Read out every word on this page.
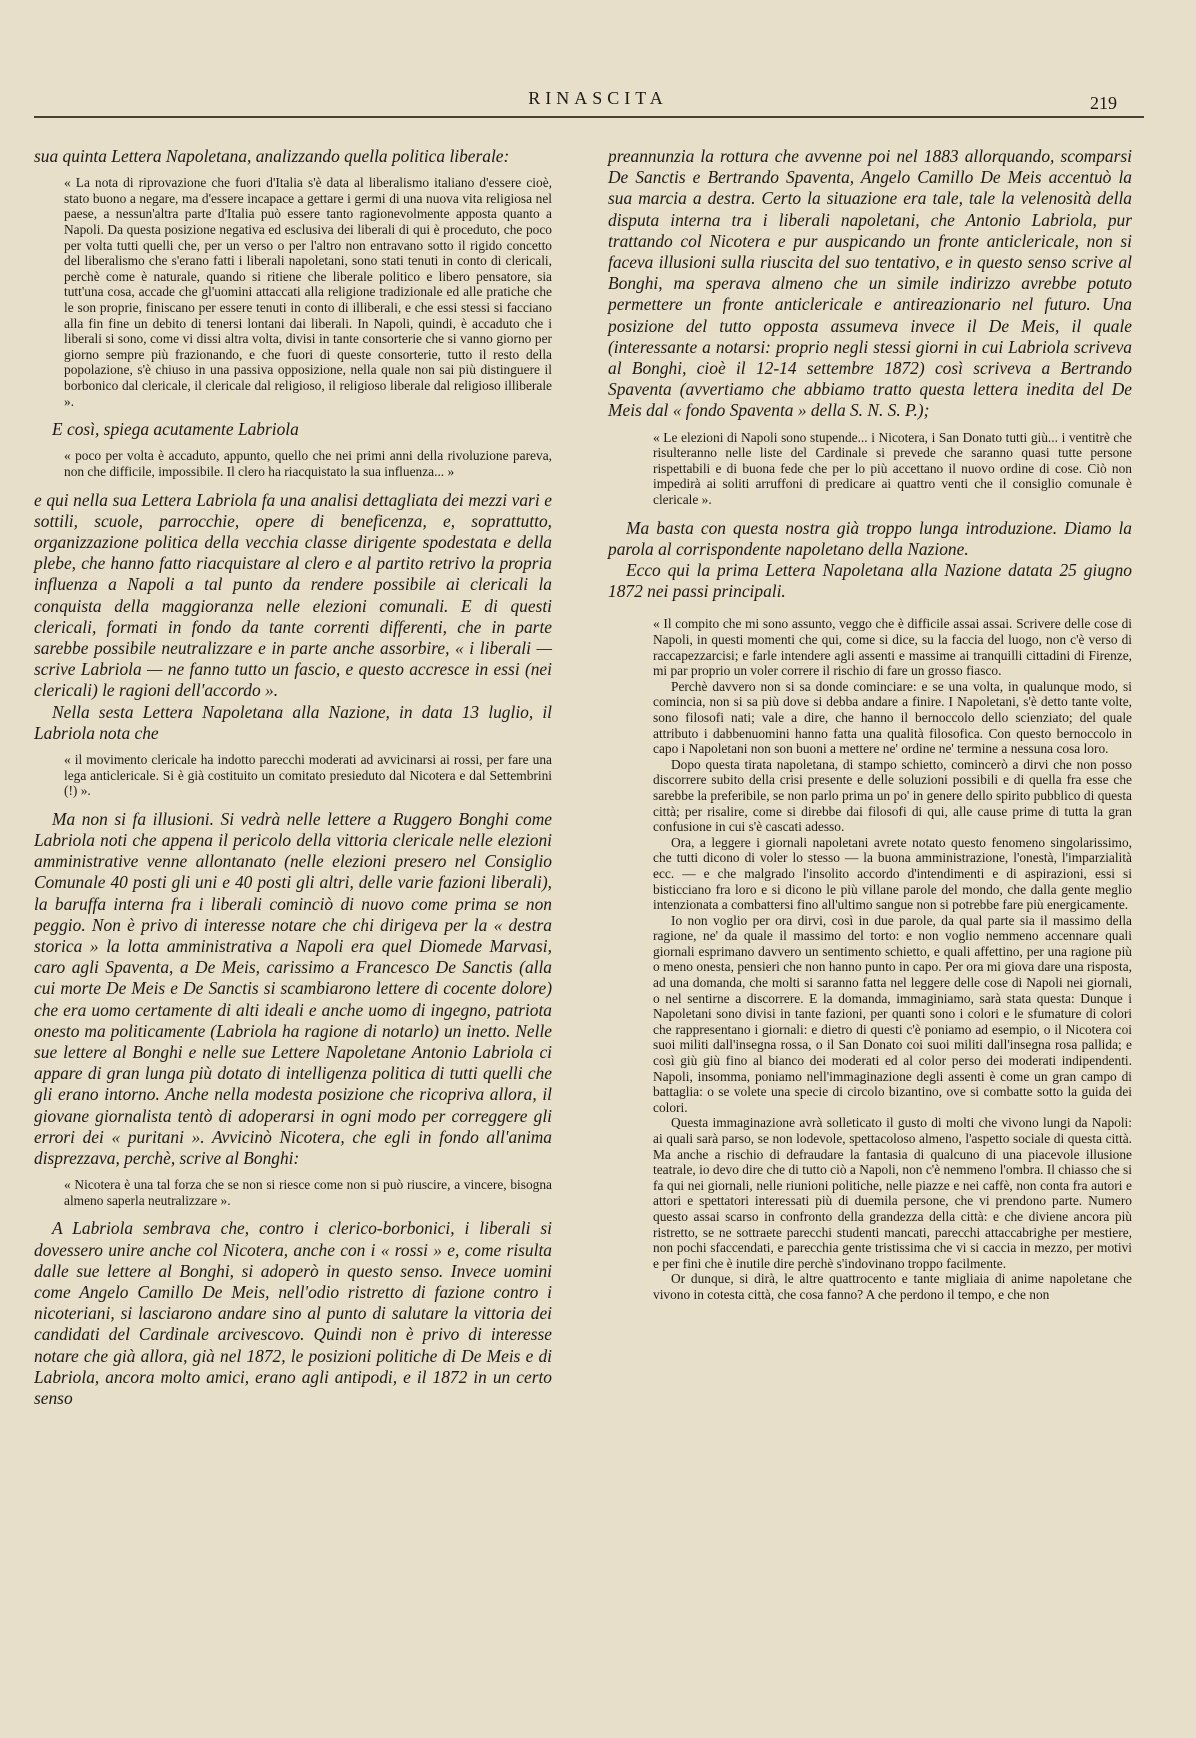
RINASCITA	219

sua quinta Lettera Napoletana, analizzando quella politica liberale:

« La nota di riprovazione che fuori d'Italia s'è data al liberalismo italiano d'essere cioè, stato buono a negare, ma d'essere incapace a gettare i germi di una nuova vita religiosa nel paese, a nessun'altra parte d'Italia può essere tanto ragionevolmente apposta quanto a Napoli. Da questa posizione negativa ed esclusiva dei liberali di qui è proceduto, che poco per volta tutti quelli che, per un verso o per l'altro non entravano sotto il rigido concetto del liberalismo che s'erano fatti i liberali napoletani, sono stati tenuti in conto di clericali, perchè come è naturale, quando si ritiene che liberale politico e libero pensatore, sia tutt'una cosa, accade che gl'uomini attaccati alla religione tradizionale ed alle pratiche che le son proprie, finiscano per essere tenuti in conto di illiberali, e che essi stessi si facciano alla fin fine un debito di tenersi lontani dai liberali. In Napoli, quindi, è accaduto che i liberali si sono, come vi dissi altra volta, divisi in tante consorterie che si vanno giorno per giorno sempre più frazionando, e che fuori di queste consorterie, tutto il resto della popolazione, s'è chiuso in una passiva opposizione, nella quale non sai più distinguere il borbonico dal clericale, il clericale dal religioso, il religioso liberale dal religioso illiberale ».

E così, spiega acutamente Labriola

« poco per volta è accaduto, appunto, quello che nei primi anni della rivoluzione pareva, non che difficile, impossibile. Il clero ha riacquistato la sua influenza... »

e qui nella sua Lettera Labriola fa una analisi dettagliata dei mezzi vari e sottili, scuole, parrocchie, opere di beneficenza, e, soprattutto, organizzazione politica della vecchia classe dirigente spodestata e della plebe, che hanno fatto riacquistare al clero e al partito retrivo la propria influenza a Napoli a tal punto da rendere possibile ai clericali la conquista della maggioranza nelle elezioni comunali. E di questi clericali, formati in fondo da tante correnti differenti, che in parte sarebbe possibile neutralizzare e in parte anche assorbire, « i liberali — scrive Labriola — ne fanno tutto un fascio, e questo accresce in essi (nei clericali) le ragioni dell'accordo ».

Nella sesta Lettera Napoletana alla Nazione, in data 13 luglio, il Labriola nota che

« il movimento clericale ha indotto parecchi moderati ad avvicinarsi ai rossi, per fare una lega anticlericale. Si è già costituito un comitato presieduto dal Nicotera e dal Settembrini (!) ».

Ma non si fa illusioni. Si vedrà nelle lettere a Ruggero Bonghi come Labriola noti che appena il pericolo della vittoria clericale nelle elezioni amministrative venne allontanato (nelle elezioni presero nel Consiglio Comunale 40 posti gli uni e 40 posti gli altri, delle varie fazioni liberali), la baruffa interna fra i liberali cominciò di nuovo come prima se non peggio. Non è privo di interesse notare che chi dirigeva per la « destra storica » la lotta amministrativa a Napoli era quel Diomede Marvasi, caro agli Spaventa, a De Meis, carissimo a Francesco De Sanctis (alla cui morte De Meis e De Sanctis si scambiarono lettere di cocente dolore) che era uomo certamente di alti ideali e anche uomo di ingegno, patriota onesto ma politicamente (Labriola ha ragione di notarlo) un inetto. Nelle sue lettere al Bonghi e nelle sue Lettere Napoletane Antonio Labriola ci appare di gran lunga più dotato di intelligenza politica di tutti quelli che gli erano intorno. Anche nella modesta posizione che ricopriva allora, il giovane giornalista tentò di adoperarsi in ogni modo per correggere gli errori dei « puritani ». Avvicinò Nicotera, che egli in fondo all'anima disprezzava, perchè, scrive al Bonghi:

« Nicotera è una tal forza che se non si riesce come non si può riuscire, a vincere, bisogna almeno saperla neutralizzare ».

A Labriola sembrava che, contro i clerico-borbonici, i liberali si dovessero unire anche col Nicotera, anche con i « rossi » e, come risulta dalle sue lettere al Bonghi, si adoperò in questo senso. Invece uomini come Angelo Camillo De Meis, nell'odio ristretto di fazione contro i nicoteriani, si lasciarono andare sino al punto di salutare la vittoria dei candidati del Cardinale arcivescovo. Quindi non è privo di interesse notare che già allora, già nel 1872, le posizioni politiche di De Meis e di Labriola, ancora molto amici, erano agli antipodi, e il 1872 in un certo senso

preannunzia la rottura che avvenne poi nel 1883 allorquando, scomparsi De Sanctis e Bertrando Spaventa, Angelo Camillo De Meis accentuò la sua marcia a destra. Certo la situazione era tale, tale la velenosità della disputa interna tra i liberali napoletani, che Antonio Labriola, pur trattando col Nicotera e pur auspicando un fronte anticlericale, non si faceva illusioni sulla riuscita del suo tentativo, e in questo senso scrive al Bonghi, ma sperava almeno che un simile indirizzo avrebbe potuto permettere un fronte anticlericale e antireazionario nel futuro. Una posizione del tutto opposta assumeva invece il De Meis, il quale (interessante a notarsi: proprio negli stessi giorni in cui Labriola scriveva al Bonghi, cioè il 12-14 settembre 1872) così scriveva a Bertrando Spaventa (avvertiamo che abbiamo tratto questa lettera inedita del De Meis dal « fondo Spaventa » della S. N. S. P.);

« Le elezioni di Napoli sono stupende... i Nicotera, i San Donato tutti giù... i ventitrè che risulteranno nelle liste del Cardinale si prevede che saranno quasi tutte persone rispettabili e di buona fede che per lo più accettano il nuovo ordine di cose. Ciò non impedirà ai soliti arruffoni di predicare ai quattro venti che il consiglio comunale è clericale ».

Ma basta con questa nostra già troppo lunga introduzione. Diamo la parola al corrispondente napoletano della Nazione.

Ecco qui la prima Lettera Napoletana alla Nazione datata 25 giugno 1872 nei passi principali.

« Il compito che mi sono assunto, veggo che è difficile assai assai. Scrivere delle cose di Napoli, in questi momenti che qui, come si dice, su la faccia del luogo, non c'è verso di raccapezzarcisi; e farle intendere agli assenti e massime ai tranquilli cittadini di Firenze, mi par proprio un voler correre il rischio di fare un grosso fiasco.

Perchè davvero non si sa donde cominciare: e se una volta, in qualunque modo, si comincia, non si sa più dove si debba andare a finire. I Napoletani, s'è detto tante volte, sono filosofi nati; vale a dire, che hanno il bernoccolo dello scienziato; del quale attributo i dabbenuomini hanno fatta una qualità filosofica. Con questo bernoccolo in capo i Napoletani non son buoni a mettere ne' ordine ne' termine a nessuna cosa loro.

Dopo questa tirata napoletana, di stampo schietto, comincerò a dirvi che non posso discorrere subito della crisi presente e delle soluzioni possibili e di quella fra esse che sarebbe la preferibile, se non parlo prima un po' in genere dello spirito pubblico di questa città; per risalire, come si direbbe dai filosofi di qui, alle cause prime di tutta la gran confusione in cui s'è cascati adesso.

Ora, a leggere i giornali napoletani avrete notato questo fenomeno singolarissimo, che tutti dicono di voler lo stesso — la buona amministrazione, l'onestà, l'imparzialità ecc. — e che malgrado l'insolito accordo d'intendimenti e di aspirazioni, essi si bisticciano fra loro e si dicono le più villane parole del mondo, che dalla gente meglio intenzionata a combattersi fino all'ultimo sangue non si potrebbe fare più energicamente.

Io non voglio per ora dirvi, così in due parole, da qual parte sia il massimo della ragione, ne' da quale il massimo del torto: e non voglio nemmeno accennare quali giornali esprimano davvero un sentimento schietto, e quali affettino, per una ragione più o meno onesta, pensieri che non hanno punto in capo. Per ora mi giova dare una risposta, ad una domanda, che molti si saranno fatta nel leggere delle cose di Napoli nei giornali, o nel sentirne a discorrere. E la domanda, immaginiamo, sarà stata questa: Dunque i Napoletani sono divisi in tante fazioni, per quanti sono i colori e le sfumature di colori che rappresentano i giornali: e dietro di questi c'è poniamo ad esempio, o il Nicotera coi suoi militi dall'insegna rossa, o il San Donato coi suoi militi dall'insegna rosa pallida; e così giù giù fino al bianco dei moderati ed al color perso dei moderati indipendenti. Napoli, insomma, poniamo nell'immaginazione degli assenti è come un gran campo di battaglia: o se volete una specie di circolo bizantino, ove si combatte sotto la guida dei colori.

Questa immaginazione avrà solleticato il gusto di molti che vivono lungi da Napoli: ai quali sarà parso, se non lodevole, spettacoloso almeno, l'aspetto sociale di questa città. Ma anche a rischio di defraudare la fantasia di qualcuno di una piacevole illusione teatrale, io devo dire che di tutto ciò a Napoli, non c'è nemmeno l'ombra. Il chiasso che si fa qui nei giornali, nelle riunioni politiche, nelle piazze e nei caffè, non conta fra autori e attori e spettatori interessati più di duemila persone, che vi prendono parte. Numero questo assai scarso in confronto della grandezza della città: e che diviene ancora più ristretto, se ne sottraete parecchi studenti mancati, parecchi attaccabrighe per mestiere, non pochi sfaccendati, e parecchia gente tristissima che vi si caccia in mezzo, per motivi e per fini che è inutile dire perchè s'indovinano troppo facilmente.

Or dunque, si dirà, le altre quattrocento e tante migliaia di anime napoletane che vivono in cotesta città, che cosa fanno? A che perdono il tempo, e che non
